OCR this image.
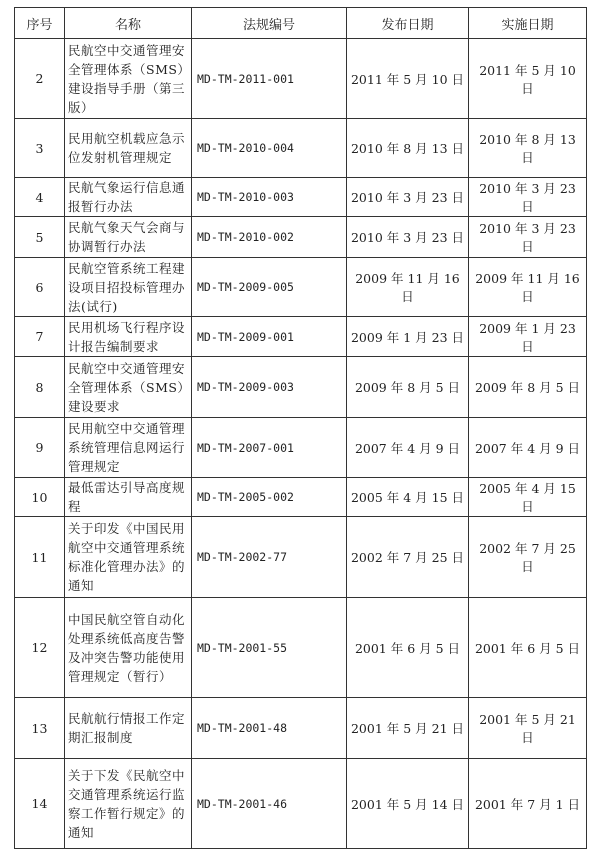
序号	名称	法规编号	发布日期	实施日期
2	民航空中交通管理安全管理体系（SMS）建设指导手册（第三版）	MD-TM-2011-001	2011 年 5 月 10 日	2011 年 5 月 10 日
3	民用航空机载应急示位发射机管理规定	MD-TM-2010-004	2010 年 8 月 13 日	2010 年 8 月 13 日
4	民航气象运行信息通报暂行办法	MD-TM-2010-003	2010 年 3 月 23 日	2010 年 3 月 23 日
5	民航气象天气会商与协调暂行办法	MD-TM-2010-002	2010 年 3 月 23 日	2010 年 3 月 23 日
6	民航空管系统工程建设项目招投标管理办法(试行)	MD-TM-2009-005	2009 年 11 月 16 日	2009 年 11 月 16 日
7	民用机场飞行程序设计报告编制要求	MD-TM-2009-001	2009 年 1 月 23 日	2009 年 1 月 23 日
8	民航空中交通管理安全管理体系（SMS）建设要求	MD-TM-2009-003	2009 年 8 月 5 日	2009 年 8 月 5 日
9	民用航空中交通管理系统管理信息网运行管理规定	MD-TM-2007-001	2007 年 4 月 9 日	2007 年 4 月 9 日
10	最低雷达引导高度规程	MD-TM-2005-002	2005 年 4 月 15 日	2005 年 4 月 15 日
11	关于印发《中国民用航空中交通管理系统标准化管理办法》的通知	MD-TM-2002-77	2002 年 7 月 25 日	2002 年 7 月 25 日
12	中国民航空管自动化处理系统低高度告警及冲突告警功能使用管理规定（暂行）	MD-TM-2001-55	2001 年 6 月 5 日	2001 年 6 月 5 日
13	民航航行情报工作定期汇报制度	MD-TM-2001-48	2001 年 5 月 21 日	2001 年 5 月 21 日
14	关于下发《民航空中交通管理系统运行监察工作暂行规定》的通知	MD-TM-2001-46	2001 年 5 月 14 日	2001 年 7 月 1 日
